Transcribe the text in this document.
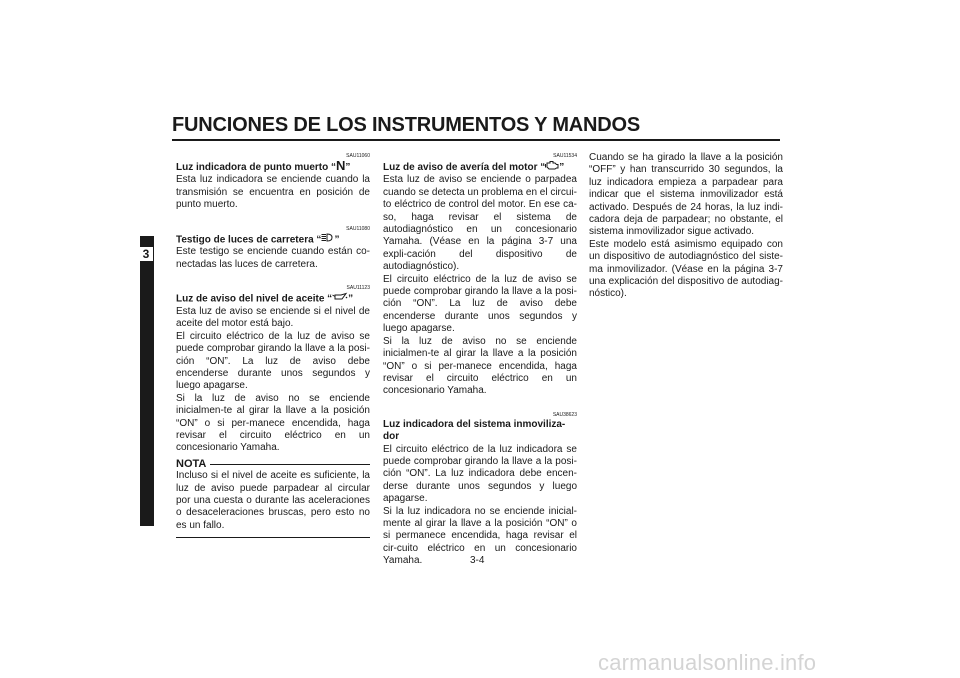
FUNCIONES DE LOS INSTRUMENTOS Y MANDOS
3
SAU11060
Luz indicadora de punto muerto “N”

Esta luz indicadora se enciende cuando la transmisión se encuentra en posición de punto muerto.

SAU11080
Testigo de luces de carretera “ ”

Este testigo se enciende cuando están co-nectadas las luces de carretera.

SAU11123
Luz de aviso del nivel de aceite “ ”

Esta luz de aviso se enciende si el nivel de aceite del motor está bajo.

El circuito eléctrico de la luz de aviso se puede comprobar girando la llave a la posi-ción “ON”. La luz de aviso debe encenderse durante unos segundos y luego apagarse.

Si la luz de aviso no se enciende inicialmen-te al girar la llave a la posición “ON” o si per-manece encendida, haga revisar el circuito eléctrico en un concesionario Yamaha.

NOTA

Incluso si el nivel de aceite es suficiente, la luz de aviso puede parpadear al circular por una cuesta o durante las aceleraciones o desaceleraciones bruscas, pero esto no es un fallo.

SAU11534
Luz de aviso de avería del motor “ ”

Esta luz de aviso se enciende o parpadea cuando se detecta un problema en el circui-to eléctrico de control del motor. En ese ca-so, haga revisar el sistema de autodiagnóstico en un concesionario Yamaha. (Véase en la página 3-7 una expli-cación del dispositivo de autodiagnóstico).

El circuito eléctrico de la luz de aviso se puede comprobar girando la llave a la posi-ción “ON”. La luz de aviso debe encenderse durante unos segundos y luego apagarse.

Si la luz de aviso no se enciende inicialmen-te al girar la llave a la posición “ON” o si per-manece encendida, haga revisar el circuito eléctrico en un concesionario Yamaha.

SAU38623
Luz indicadora del sistema inmoviliza-dor

El circuito eléctrico de la luz indicadora se puede comprobar girando la llave a la posi-ción “ON”. La luz indicadora debe encen-derse durante unos segundos y luego apagarse.

Si la luz indicadora no se enciende inicial-mente al girar la llave a la posición “ON” o si permanece encendida, haga revisar el cir-cuito eléctrico en un concesionario Yamaha.

Cuando se ha girado la llave a la posición “OFF” y han transcurrido 30 segundos, la luz indicadora empieza a parpadear para indicar que el sistema inmovilizador está activado. Después de 24 horas, la luz indi-cadora deja de parpadear; no obstante, el sistema inmovilizador sigue activado.

Este modelo está asimismo equipado con un dispositivo de autodiagnóstico del siste-ma inmovilizador. (Véase en la página 3-7 una explicación del dispositivo de autodiag-nóstico).

3-4
carmanualsonline.info
